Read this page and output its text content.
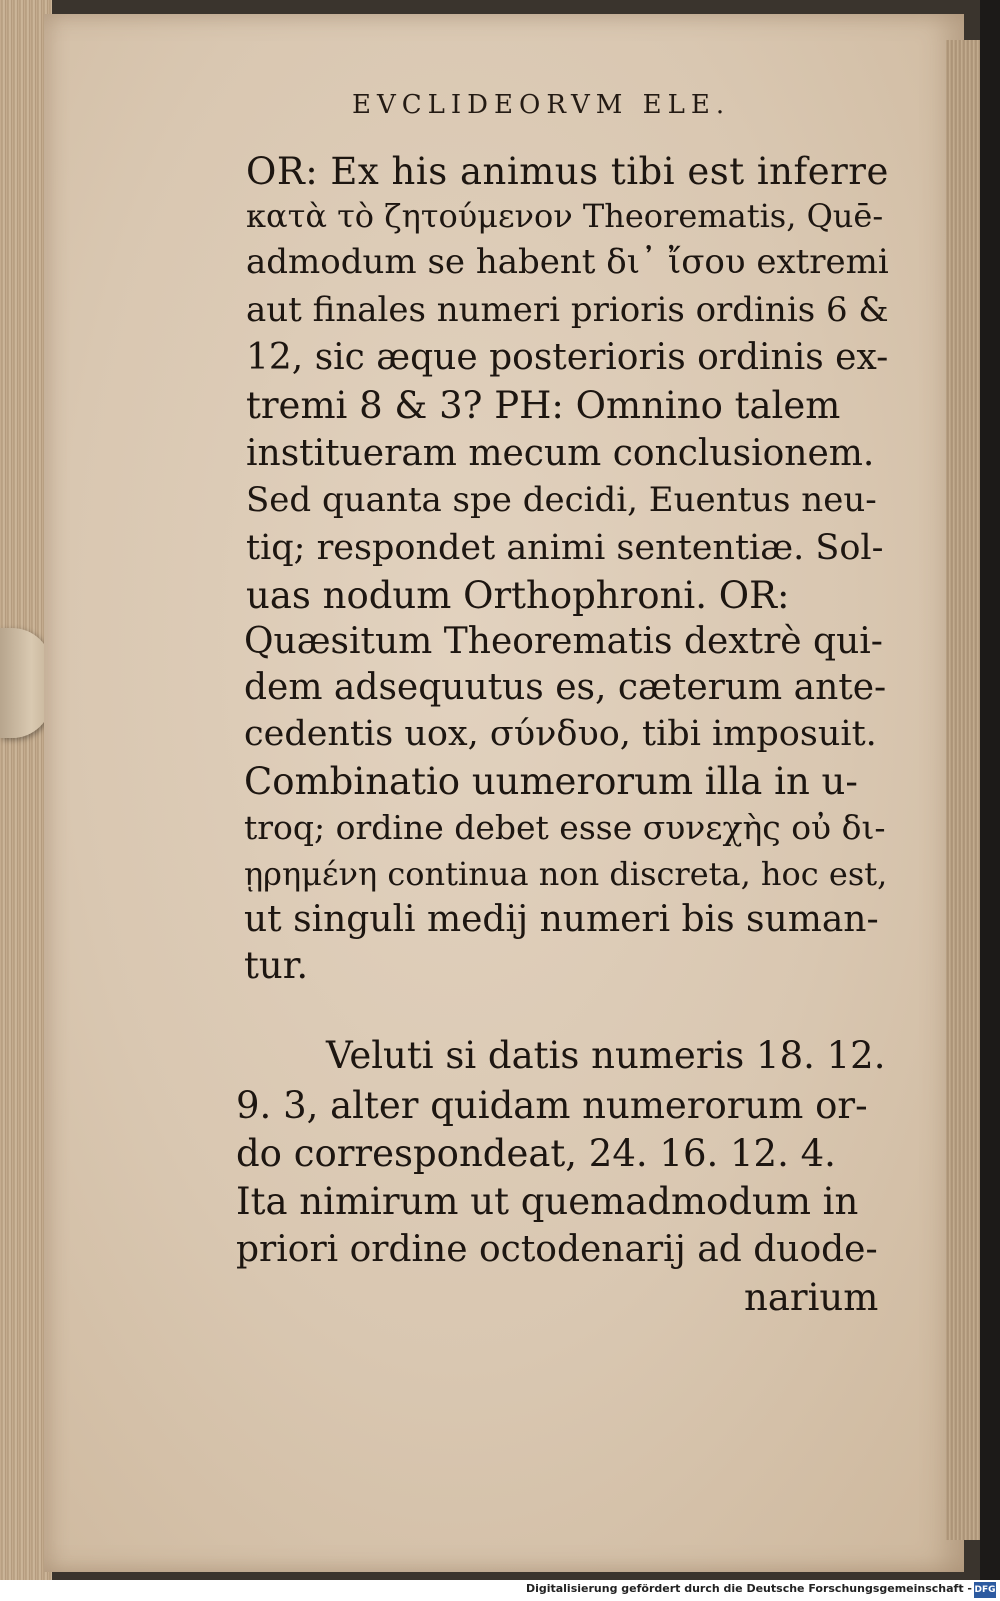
EVCLIDEORVM ELE.
OR: Ex his animus tibi est inferre
κατὰ τὸ ζητούμενον Theorematis, Quē-
admodum se habent δι᾽ ἴσου extremi
aut finales numeri prioris ordinis 6 &
12, sic æque posterioris ordinis ex-
tremi 8 & 3? PH: Omnino talem
institueram mecum conclusionem.
Sed quanta spe decidi, Euentus neu-
tiq; respondet animi sententiæ. Sol-
uas nodum Orthophroni. OR:
Quæsitum Theorematis dextrè qui-
dem adsequutus es, cæterum ante-
cedentis uox, σύνδυο, tibi imposuit.
Combinatio uumerorum illa in u-
troq; ordine debet esse συνεχὴς οὐ δι-
ῃρημένη continua non discreta, hoc est,
ut singuli medij numeri bis suman-
tur.
Veluti si datis numeris 18. 12.
9. 3, alter quidam numerorum or-
do correspondeat, 24. 16. 12. 4.
Ita nimirum ut quemadmodum in
priori ordine octodenarij ad duode-
narium
Digitalisierung gefördert durch die Deutsche Forschungsgemeinschaft - DFG
